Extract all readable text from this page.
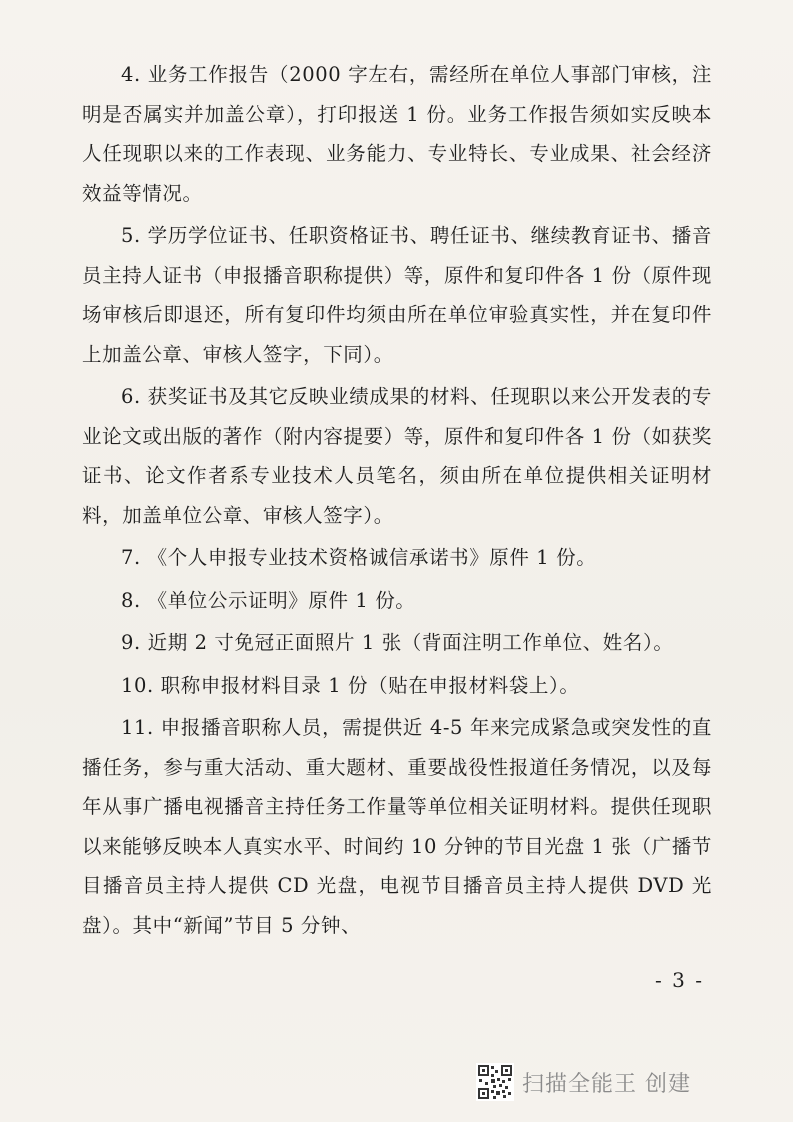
4. 业务工作报告（2000 字左右，需经所在单位人事部门审核，注明是否属实并加盖公章），打印报送 1 份。业务工作报告须如实反映本人任现职以来的工作表现、业务能力、专业特长、专业成果、社会经济效益等情况。

5. 学历学位证书、任职资格证书、聘任证书、继续教育证书、播音员主持人证书（申报播音职称提供）等，原件和复印件各 1 份（原件现场审核后即退还，所有复印件均须由所在单位审验真实性，并在复印件上加盖公章、审核人签字，下同）。

6. 获奖证书及其它反映业绩成果的材料、任现职以来公开发表的专业论文或出版的著作（附内容提要）等，原件和复印件各 1 份（如获奖证书、论文作者系专业技术人员笔名，须由所在单位提供相关证明材料，加盖单位公章、审核人签字）。

7. 《个人申报专业技术资格诚信承诺书》原件 1 份。

8. 《单位公示证明》原件 1 份。

9. 近期 2 寸免冠正面照片 1 张（背面注明工作单位、姓名）。

10. 职称申报材料目录 1 份（贴在申报材料袋上）。

11. 申报播音职称人员，需提供近 4-5 年来完成紧急或突发性的直播任务，参与重大活动、重大题材、重要战役性报道任务情况，以及每年从事广播电视播音主持任务工作量等单位相关证明材料。提供任现职以来能够反映本人真实水平、时间约 10 分钟的节目光盘 1 张（广播节目播音员主持人提供 CD 光盘，电视节目播音员主持人提供 DVD 光盘）。其中“新闻”节目 5 分钟、

- 3 -
扫描全能王 创建
